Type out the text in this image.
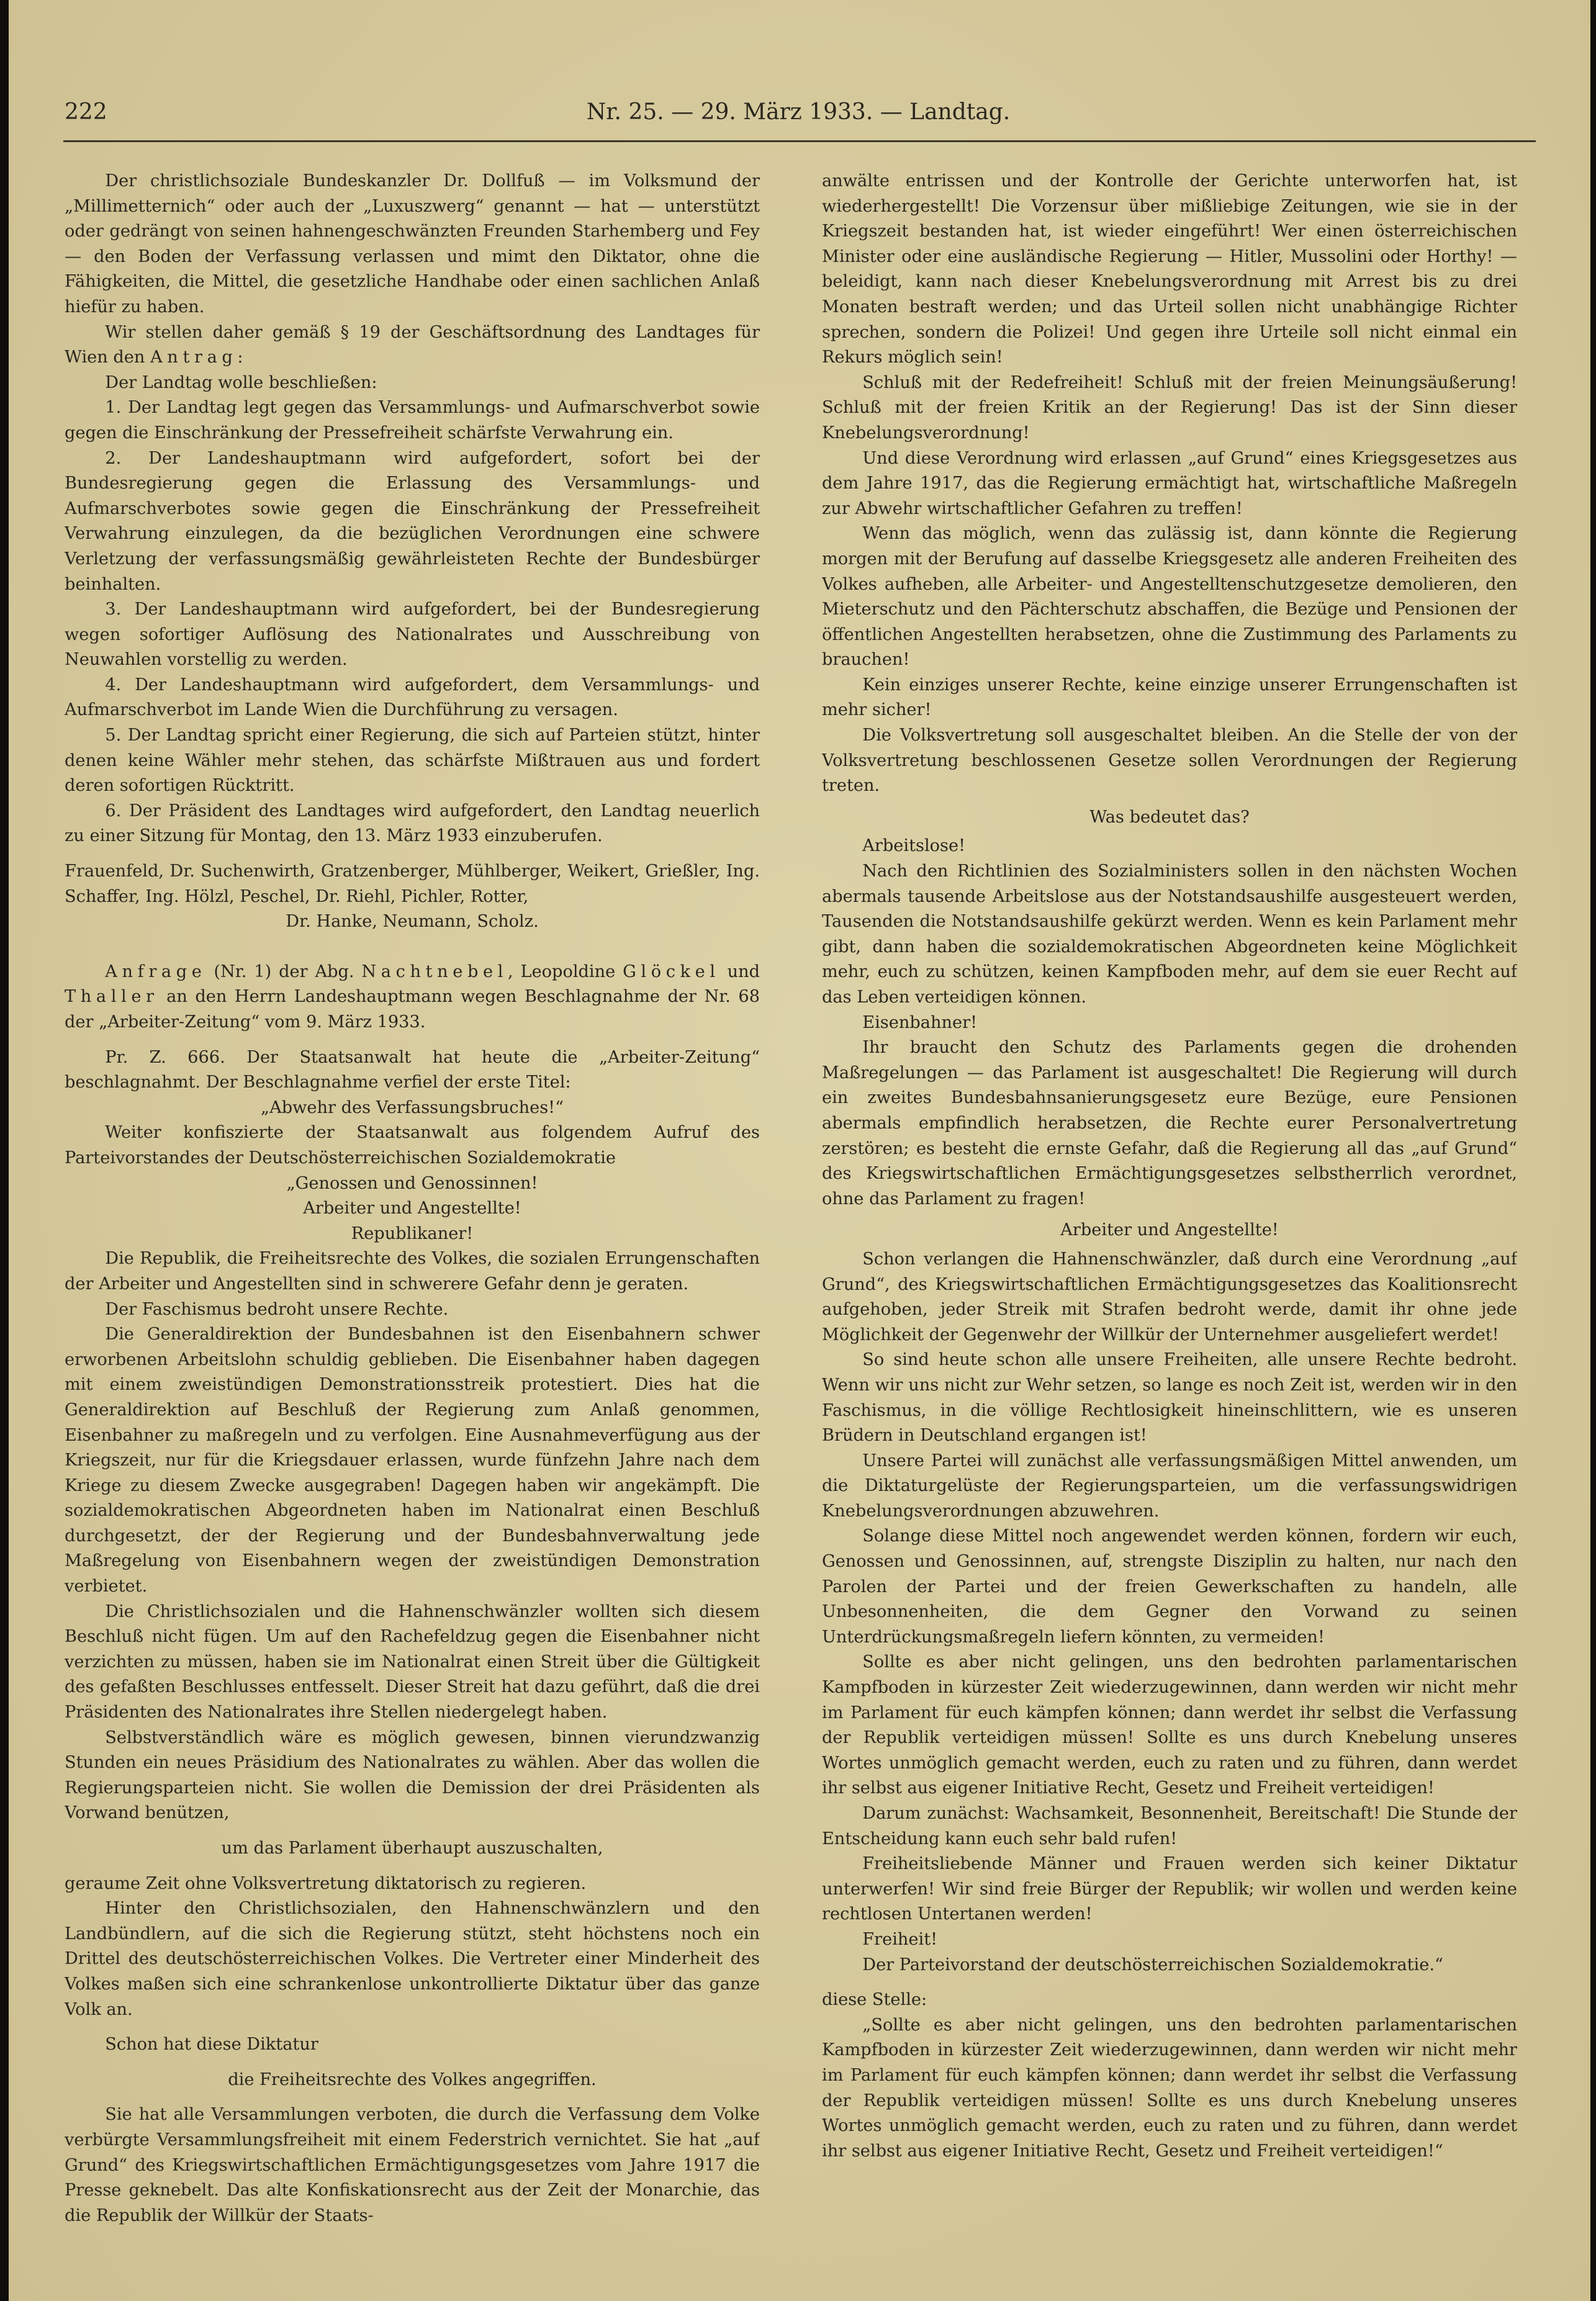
222	Nr. 25. — 29. März 1933. — Landtag.

Der christlichsoziale Bundeskanzler Dr. Dollfuß — im Volksmund der „Millimetternich“ oder auch der „Luxuszwerg“ genannt — hat — unterstützt oder gedrängt von seinen hahnengeschwänzten Freunden Starhemberg und Fey — den Boden der Verfassung verlassen und mimt den Diktator, ohne die Fähigkeiten, die Mittel, die gesetzliche Handhabe oder einen sachlichen Anlaß hiefür zu haben.

Wir stellen daher gemäß § 19 der Geschäftsordnung des Landtages für Wien den Antrag:

Der Landtag wolle beschließen:

1. Der Landtag legt gegen das Versammlungs- und Aufmarschverbot sowie gegen die Einschränkung der Pressefreiheit schärfste Verwahrung ein.

2. Der Landeshauptmann wird aufgefordert, sofort bei der Bundesregierung gegen die Erlassung des Versammlungs- und Aufmarschverbotes sowie gegen die Einschränkung der Pressefreiheit Verwahrung einzulegen, da die bezüglichen Verordnungen eine schwere Verletzung der verfassungsmäßig gewährleisteten Rechte der Bundesbürger beinhalten.

3. Der Landeshauptmann wird aufgefordert, bei der Bundesregierung wegen sofortiger Auflösung des Nationalrates und Ausschreibung von Neuwahlen vorstellig zu werden.

4. Der Landeshauptmann wird aufgefordert, dem Versammlungs- und Aufmarschverbot im Lande Wien die Durchführung zu versagen.

5. Der Landtag spricht einer Regierung, die sich auf Parteien stützt, hinter denen keine Wähler mehr stehen, das schärfste Mißtrauen aus und fordert deren sofortigen Rücktritt.

6. Der Präsident des Landtages wird aufgefordert, den Landtag neuerlich zu einer Sitzung für Montag, den 13. März 1933 einzuberufen.

Frauenfeld, Dr. Suchenwirth, Gratzenberger, Mühlberger, Weikert, Grießler, Ing. Schaffer, Ing. Hölzl, Peschel, Dr. Riehl, Pichler, Rotter,

Dr. Hanke, Neumann, Scholz.

Anfrage (Nr. 1) der Abg. Nachtnebel, Leopoldine Glöckel und Thaller an den Herrn Landeshauptmann wegen Beschlagnahme der Nr. 68 der „Arbeiter-Zeitung“ vom 9. März 1933.

Pr. Z. 666. Der Staatsanwalt hat heute die „Arbeiter-Zeitung“ beschlagnahmt. Der Beschlagnahme verfiel der erste Titel:

„Abwehr des Verfassungsbruches!“

Weiter konfiszierte der Staatsanwalt aus folgendem Aufruf des Parteivorstandes der Deutschösterreichischen Sozialdemokratie

„Genossen und Genossinnen!

Arbeiter und Angestellte!

Republikaner!

Die Republik, die Freiheitsrechte des Volkes, die sozialen Errungenschaften der Arbeiter und Angestellten sind in schwerere Gefahr denn je geraten.

Der Faschismus bedroht unsere Rechte.

Die Generaldirektion der Bundesbahnen ist den Eisenbahnern schwer erworbenen Arbeitslohn schuldig geblieben. Die Eisenbahner haben dagegen mit einem zweistündigen Demonstrationsstreik protestiert. Dies hat die Generaldirektion auf Beschluß der Regierung zum Anlaß genommen, Eisenbahner zu maßregeln und zu verfolgen. Eine Ausnahmeverfügung aus der Kriegszeit, nur für die Kriegsdauer erlassen, wurde fünfzehn Jahre nach dem Kriege zu diesem Zwecke ausgegraben! Dagegen haben wir angekämpft. Die sozialdemokratischen Abgeordneten haben im Nationalrat einen Beschluß durchgesetzt, der der Regierung und der Bundesbahnverwaltung jede Maßregelung von Eisenbahnern wegen der zweistündigen Demonstration verbietet.

Die Christlichsozialen und die Hahnenschwänzler wollten sich diesem Beschluß nicht fügen. Um auf den Rachefeldzug gegen die Eisenbahner nicht verzichten zu müssen, haben sie im Nationalrat einen Streit über die Gültigkeit des gefaßten Beschlusses entfesselt. Dieser Streit hat dazu geführt, daß die drei Präsidenten des Nationalrates ihre Stellen niedergelegt haben.

Selbstverständlich wäre es möglich gewesen, binnen vierundzwanzig Stunden ein neues Präsidium des Nationalrates zu wählen. Aber das wollen die Regierungsparteien nicht. Sie wollen die Demission der drei Präsidenten als Vorwand benützen,

um das Parlament überhaupt auszuschalten,

geraume Zeit ohne Volksvertretung diktatorisch zu regieren.

Hinter den Christlichsozialen, den Hahnenschwänzlern und den Landbündlern, auf die sich die Regierung stützt, steht höchstens noch ein Drittel des deutschösterreichischen Volkes. Die Vertreter einer Minderheit des Volkes maßen sich eine schrankenlose unkontrollierte Diktatur über das ganze Volk an.

Schon hat diese Diktatur

die Freiheitsrechte des Volkes angegriffen.

Sie hat alle Versammlungen verboten, die durch die Verfassung dem Volke verbürgte Versammlungsfreiheit mit einem Federstrich vernichtet. Sie hat „auf Grund“ des Kriegswirtschaftlichen Ermächtigungsgesetzes vom Jahre 1917 die Presse geknebelt. Das alte Konfiskationsrecht aus der Zeit der Monarchie, das die Republik der Willkür der Staats-

anwälte entrissen und der Kontrolle der Gerichte unterworfen hat, ist wiederhergestellt! Die Vorzensur über mißliebige Zeitungen, wie sie in der Kriegszeit bestanden hat, ist wieder eingeführt! Wer einen österreichischen Minister oder eine ausländische Regierung — Hitler, Mussolini oder Horthy! — beleidigt, kann nach dieser Knebelungsverordnung mit Arrest bis zu drei Monaten bestraft werden; und das Urteil sollen nicht unabhängige Richter sprechen, sondern die Polizei! Und gegen ihre Urteile soll nicht einmal ein Rekurs möglich sein!

Schluß mit der Redefreiheit! Schluß mit der freien Meinungsäußerung! Schluß mit der freien Kritik an der Regierung! Das ist der Sinn dieser Knebelungsverordnung!

Und diese Verordnung wird erlassen „auf Grund“ eines Kriegsgesetzes aus dem Jahre 1917, das die Regierung ermächtigt hat, wirtschaftliche Maßregeln zur Abwehr wirtschaftlicher Gefahren zu treffen!

Wenn das möglich, wenn das zulässig ist, dann könnte die Regierung morgen mit der Berufung auf dasselbe Kriegsgesetz alle anderen Freiheiten des Volkes aufheben, alle Arbeiter- und Angestelltenschutzgesetze demolieren, den Mieterschutz und den Pächterschutz abschaffen, die Bezüge und Pensionen der öffentlichen Angestellten herabsetzen, ohne die Zustimmung des Parlaments zu brauchen!

Kein einziges unserer Rechte, keine einzige unserer Errungenschaften ist mehr sicher!

Die Volksvertretung soll ausgeschaltet bleiben. An die Stelle der von der Volksvertretung beschlossenen Gesetze sollen Verordnungen der Regierung treten.

Was bedeutet das?

Arbeitslose!

Nach den Richtlinien des Sozialministers sollen in den nächsten Wochen abermals tausende Arbeitslose aus der Notstandsaushilfe ausgesteuert werden, Tausenden die Notstandsaushilfe gekürzt werden. Wenn es kein Parlament mehr gibt, dann haben die sozialdemokratischen Abgeordneten keine Möglichkeit mehr, euch zu schützen, keinen Kampfboden mehr, auf dem sie euer Recht auf das Leben verteidigen können.

Eisenbahner!

Ihr braucht den Schutz des Parlaments gegen die drohenden Maßregelungen — das Parlament ist ausgeschaltet! Die Regierung will durch ein zweites Bundesbahnsanierungsgesetz eure Bezüge, eure Pensionen abermals empfindlich herabsetzen, die Rechte eurer Personalvertretung zerstören; es besteht die ernste Gefahr, daß die Regierung all das „auf Grund“ des Kriegswirtschaftlichen Ermächtigungsgesetzes selbstherrlich verordnet, ohne das Parlament zu fragen!

Arbeiter und Angestellte!

Schon verlangen die Hahnenschwänzler, daß durch eine Verordnung „auf Grund“, des Kriegswirtschaftlichen Ermächtigungsgesetzes das Koalitionsrecht aufgehoben, jeder Streik mit Strafen bedroht werde, damit ihr ohne jede Möglichkeit der Gegenwehr der Willkür der Unternehmer ausgeliefert werdet!

So sind heute schon alle unsere Freiheiten, alle unsere Rechte bedroht. Wenn wir uns nicht zur Wehr setzen, so lange es noch Zeit ist, werden wir in den Faschismus, in die völlige Rechtlosigkeit hineinschlittern, wie es unseren Brüdern in Deutschland ergangen ist!

Unsere Partei will zunächst alle verfassungsmäßigen Mittel anwenden, um die Diktaturgelüste der Regierungsparteien, um die verfassungswidrigen Knebelungsverordnungen abzuwehren.

Solange diese Mittel noch angewendet werden können, fordern wir euch, Genossen und Genossinnen, auf, strengste Disziplin zu halten, nur nach den Parolen der Partei und der freien Gewerkschaften zu handeln, alle Unbesonnenheiten, die dem Gegner den Vorwand zu seinen Unterdrückungsmaßregeln liefern könnten, zu vermeiden!

Sollte es aber nicht gelingen, uns den bedrohten parlamentarischen Kampfboden in kürzester Zeit wiederzugewinnen, dann werden wir nicht mehr im Parlament für euch kämpfen können; dann werdet ihr selbst die Verfassung der Republik verteidigen müssen! Sollte es uns durch Knebelung unseres Wortes unmöglich gemacht werden, euch zu raten und zu führen, dann werdet ihr selbst aus eigener Initiative Recht, Gesetz und Freiheit verteidigen!

Darum zunächst: Wachsamkeit, Besonnenheit, Bereitschaft! Die Stunde der Entscheidung kann euch sehr bald rufen!

Freiheitsliebende Männer und Frauen werden sich keiner Diktatur unterwerfen! Wir sind freie Bürger der Republik; wir wollen und werden keine rechtlosen Untertanen werden!

Freiheit!

Der Parteivorstand der deutschösterreichischen Sozialdemokratie.“

diese Stelle:

„Sollte es aber nicht gelingen, uns den bedrohten parlamentarischen Kampfboden in kürzester Zeit wiederzugewinnen, dann werden wir nicht mehr im Parlament für euch kämpfen können; dann werdet ihr selbst die Verfassung der Republik verteidigen müssen! Sollte es uns durch Knebelung unseres Wortes unmöglich gemacht werden, euch zu raten und zu führen, dann werdet ihr selbst aus eigener Initiative Recht, Gesetz und Freiheit verteidigen!“
